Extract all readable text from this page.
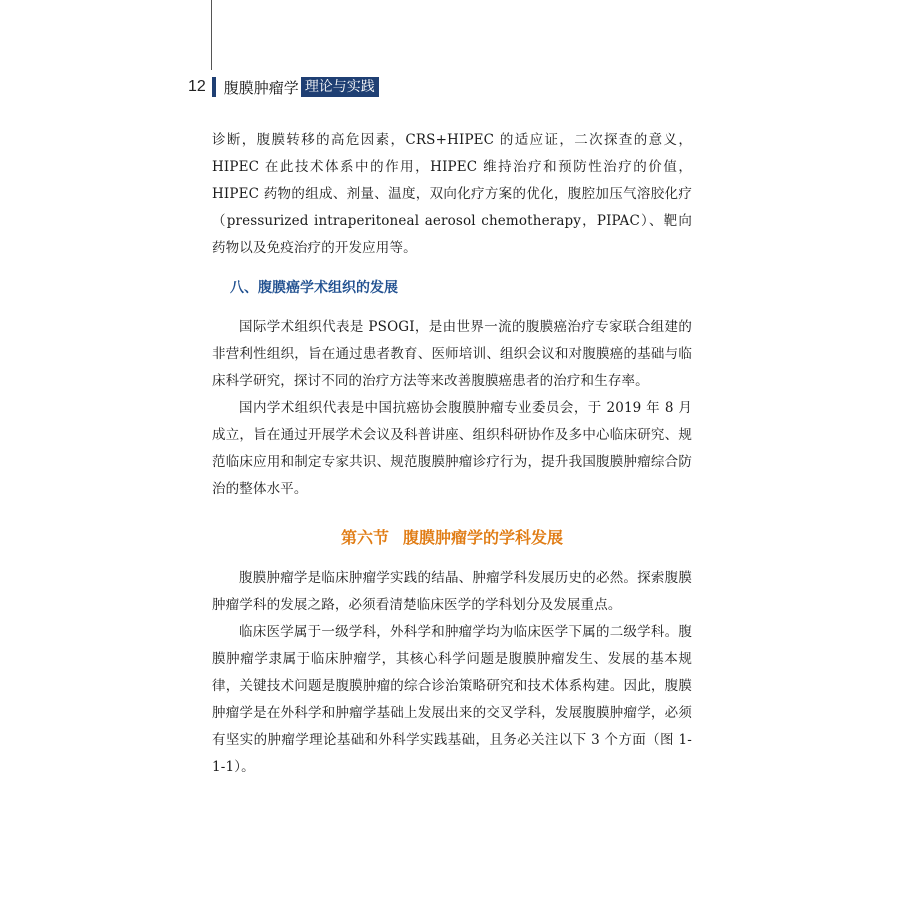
12 腹膜肿瘤学 理论与实践

诊断，腹膜转移的高危因素，CRS+HIPEC 的适应证，二次探查的意义，HIPEC 在此技术体系中的作用，HIPEC 维持治疗和预防性治疗的价值，HIPEC 药物的组成、剂量、温度，双向化疗方案的优化，腹腔加压气溶胶化疗（pressurized intraperitoneal aerosol chemotherapy，PIPAC）、靶向药物以及免疫治疗的开发应用等。

八、腹膜癌学术组织的发展

国际学术组织代表是 PSOGI，是由世界一流的腹膜癌治疗专家联合组建的非营利性组织，旨在通过患者教育、医师培训、组织会议和对腹膜癌的基础与临床科学研究，探讨不同的治疗方法等来改善腹膜癌患者的治疗和生存率。

国内学术组织代表是中国抗癌协会腹膜肿瘤专业委员会，于 2019 年 8 月成立，旨在通过开展学术会议及科普讲座、组织科研协作及多中心临床研究、规范临床应用和制定专家共识、规范腹膜肿瘤诊疗行为，提升我国腹膜肿瘤综合防治的整体水平。

第六节 腹膜肿瘤学的学科发展

腹膜肿瘤学是临床肿瘤学实践的结晶、肿瘤学科发展历史的必然。探索腹膜肿瘤学科的发展之路，必须看清楚临床医学的学科划分及发展重点。

临床医学属于一级学科，外科学和肿瘤学均为临床医学下属的二级学科。腹膜肿瘤学隶属于临床肿瘤学，其核心科学问题是腹膜肿瘤发生、发展的基本规律，关键技术问题是腹膜肿瘤的综合诊治策略研究和技术体系构建。因此，腹膜肿瘤学是在外科学和肿瘤学基础上发展出来的交叉学科，发展腹膜肿瘤学，必须有坚实的肿瘤学理论基础和外科学实践基础，且务必关注以下 3 个方面（图 1-1-1）。
